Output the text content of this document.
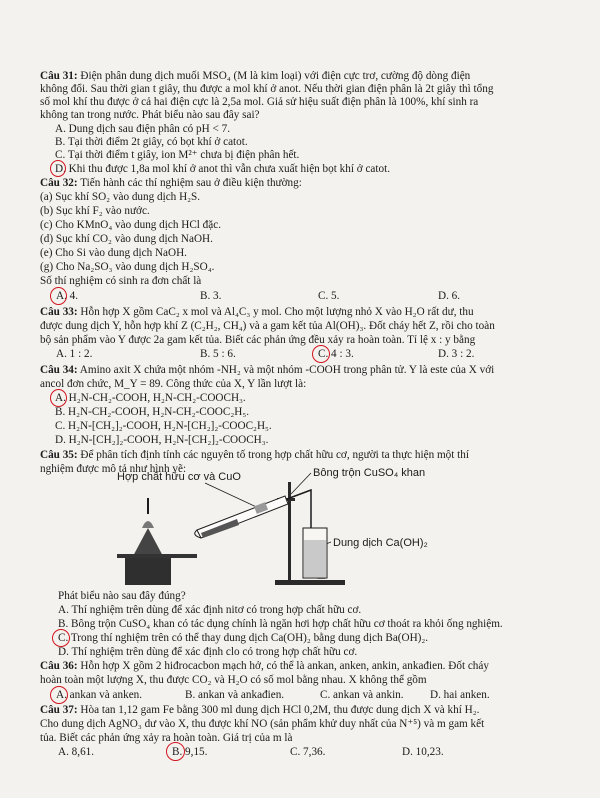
Câu 31: Điện phân dung dịch muối MSO₄ (M là kim loại) với điện cực trơ, cường độ dòng điện
không đổi. Sau thời gian t giây, thu được a mol khí ở anot. Nếu thời gian điện phân là 2t giây thì tổng
số mol khí thu được ở cả hai điện cực là 2,5a mol. Giả sử hiệu suất điện phân là 100%, khí sinh ra
không tan trong nước. Phát biểu nào sau đây sai?
A. Dung dịch sau điện phân có pH < 7.
B. Tại thời điểm 2t giây, có bọt khí ở catot.
C. Tại thời điểm t giây, ion M²⁺ chưa bị điện phân hết.
D. Khi thu được 1,8a mol khí ở anot thì vẫn chưa xuất hiện bọt khí ở catot.
Câu 32: Tiến hành các thí nghiệm sau ở điều kiện thường:
(a) Sục khí SO₂ vào dung dịch H₂S.
(b) Sục khí F₂ vào nước.
(c) Cho KMnO₄ vào dung dịch HCl đặc.
(d) Sục khí CO₂ vào dung dịch NaOH.
(e) Cho Si vào dung dịch NaOH.
(g) Cho Na₂SO₃ vào dung dịch H₂SO₄.
Số thí nghiệm có sinh ra đơn chất là
A. 4.	B. 3.	C. 5.	D. 6.
Câu 33: Hỗn hợp X gồm CaC₂ x mol và Al₄C₃ y mol. Cho một lượng nhỏ X vào H₂O rất dư, thu
được dung dịch Y, hỗn hợp khí Z (C₂H₂, CH₄) và a gam kết tủa Al(OH)₃. Đốt cháy hết Z, rồi cho toàn
bộ sản phẩm vào Y được 2a gam kết tủa. Biết các phản ứng đều xảy ra hoàn toàn. Tỉ lệ x : y bằng
A. 1 : 2.	B. 5 : 6.	C. 4 : 3.	D. 3 : 2.
Câu 34: Amino axit X chứa một nhóm -NH₂ và một nhóm -COOH trong phân tử. Y là este của X với
ancol đơn chức, M_Y = 89. Công thức của X, Y lần lượt là:
A. H₂N-CH₂-COOH, H₂N-CH₂-COOCH₃.
B. H₂N-CH₂-COOH, H₂N-CH₂-COOC₂H₅.
C. H₂N-[CH₂]₂-COOH, H₂N-[CH₂]₂-COOC₂H₅.
D. H₂N-[CH₂]₂-COOH, H₂N-[CH₂]₂-COOCH₃.
Câu 35: Để phân tích định tính các nguyên tố trong hợp chất hữu cơ, người ta thực hiện một thí
nghiệm được mô tả như hình vẽ:
Hợp chất hữu cơ và CuO	Bông trộn CuSO₄ khan
Dung dịch Ca(OH)₂
Phát biểu nào sau đây đúng?
A. Thí nghiệm trên dùng để xác định nitơ có trong hợp chất hữu cơ.
B. Bông trộn CuSO₄ khan có tác dụng chính là ngăn hơi hợp chất hữu cơ thoát ra khỏi ống nghiệm.
C. Trong thí nghiệm trên có thể thay dung dịch Ca(OH)₂ bằng dung dịch Ba(OH)₂.
D. Thí nghiệm trên dùng để xác định clo có trong hợp chất hữu cơ.
Câu 36: Hỗn hợp X gồm 2 hiđrocacbon mạch hở, có thể là ankan, anken, ankin, ankađien. Đốt cháy
hoàn toàn một lượng X, thu được CO₂ và H₂O có số mol bằng nhau. X không thể gồm
A. ankan và anken.	B. ankan và ankađien.	C. ankan và ankin. D. hai anken.
Câu 37: Hòa tan 1,12 gam Fe bằng 300 ml dung dịch HCl 0,2M, thu được dung dịch X và khí H₂.
Cho dung dịch AgNO₃ dư vào X, thu được khí NO (sản phẩm khử duy nhất của N⁺⁵) và m gam kết
tủa. Biết các phản ứng xảy ra hoàn toàn. Giá trị của m là
A. 8,61.	B. 9,15.	C. 7,36.	D. 10,23.
